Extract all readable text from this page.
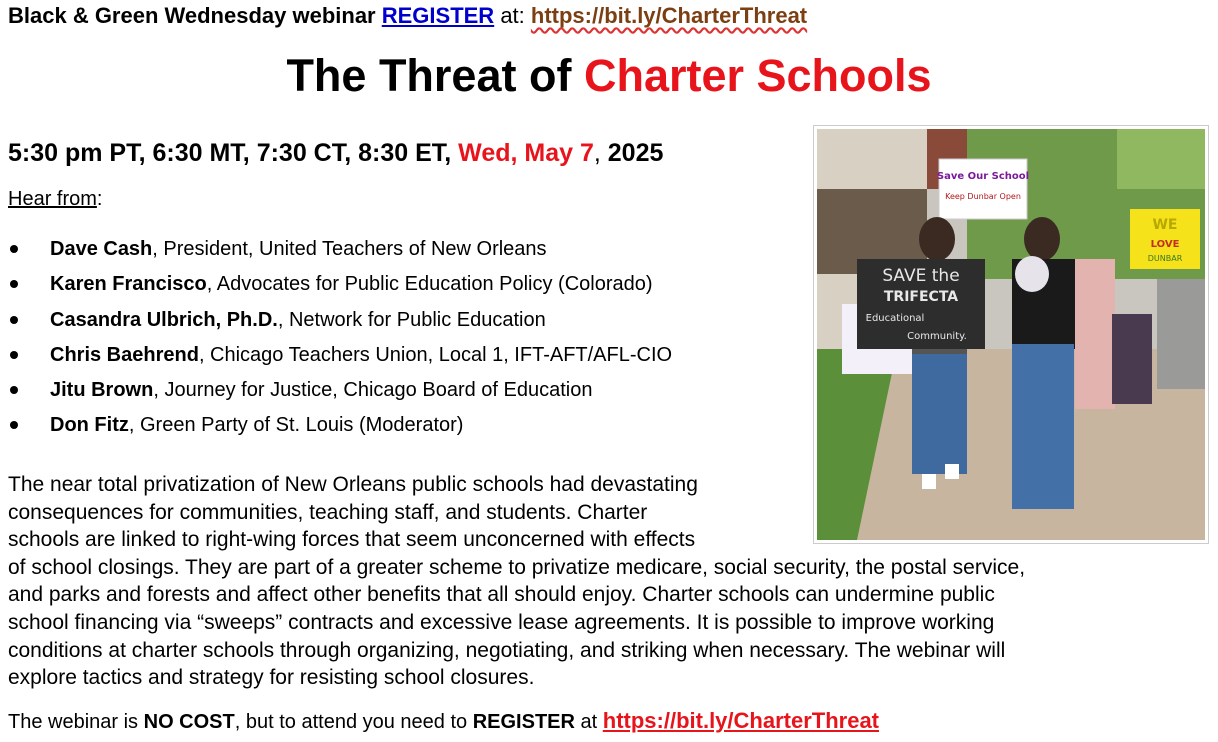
Black & Green Wednesday webinar REGISTER at: https://bit.ly/CharterThreat
The Threat of Charter Schools
5:30 pm PT, 6:30 MT, 7:30 CT, 8:30 ET, Wed, May 7, 2025
Hear from:
Dave Cash, President, United Teachers of New Orleans
Karen Francisco, Advocates for Public Education Policy (Colorado)
Casandra Ulbrich, Ph.D., Network for Public Education
Chris Baehrend, Chicago Teachers Union, Local 1, IFT-AFT/AFL-CIO
Jitu Brown, Journey for Justice, Chicago Board of Education
Don Fitz, Green Party of St. Louis (Moderator)
Save Our School
Keep Dunbar Open
WE
LOVE
DUNBAR
SAVE the
TRIFECTA
Educational
Community.
The near total privatization of New Orleans public schools had devastating
consequences for communities, teaching staff, and students. Charter
schools are linked to right-wing forces that seem unconcerned with effects
of school closings. They are part of a greater scheme to privatize medicare, social security, the postal service,
and parks and forests and affect other benefits that all should enjoy. Charter schools can undermine public
school financing via “sweeps” contracts and excessive lease agreements. It is possible to improve working
conditions at charter schools through organizing, negotiating, and striking when necessary. The webinar will
explore tactics and strategy for resisting school closures.
The webinar is NO COST, but to attend you need to REGISTER at https://bit.ly/CharterThreat
